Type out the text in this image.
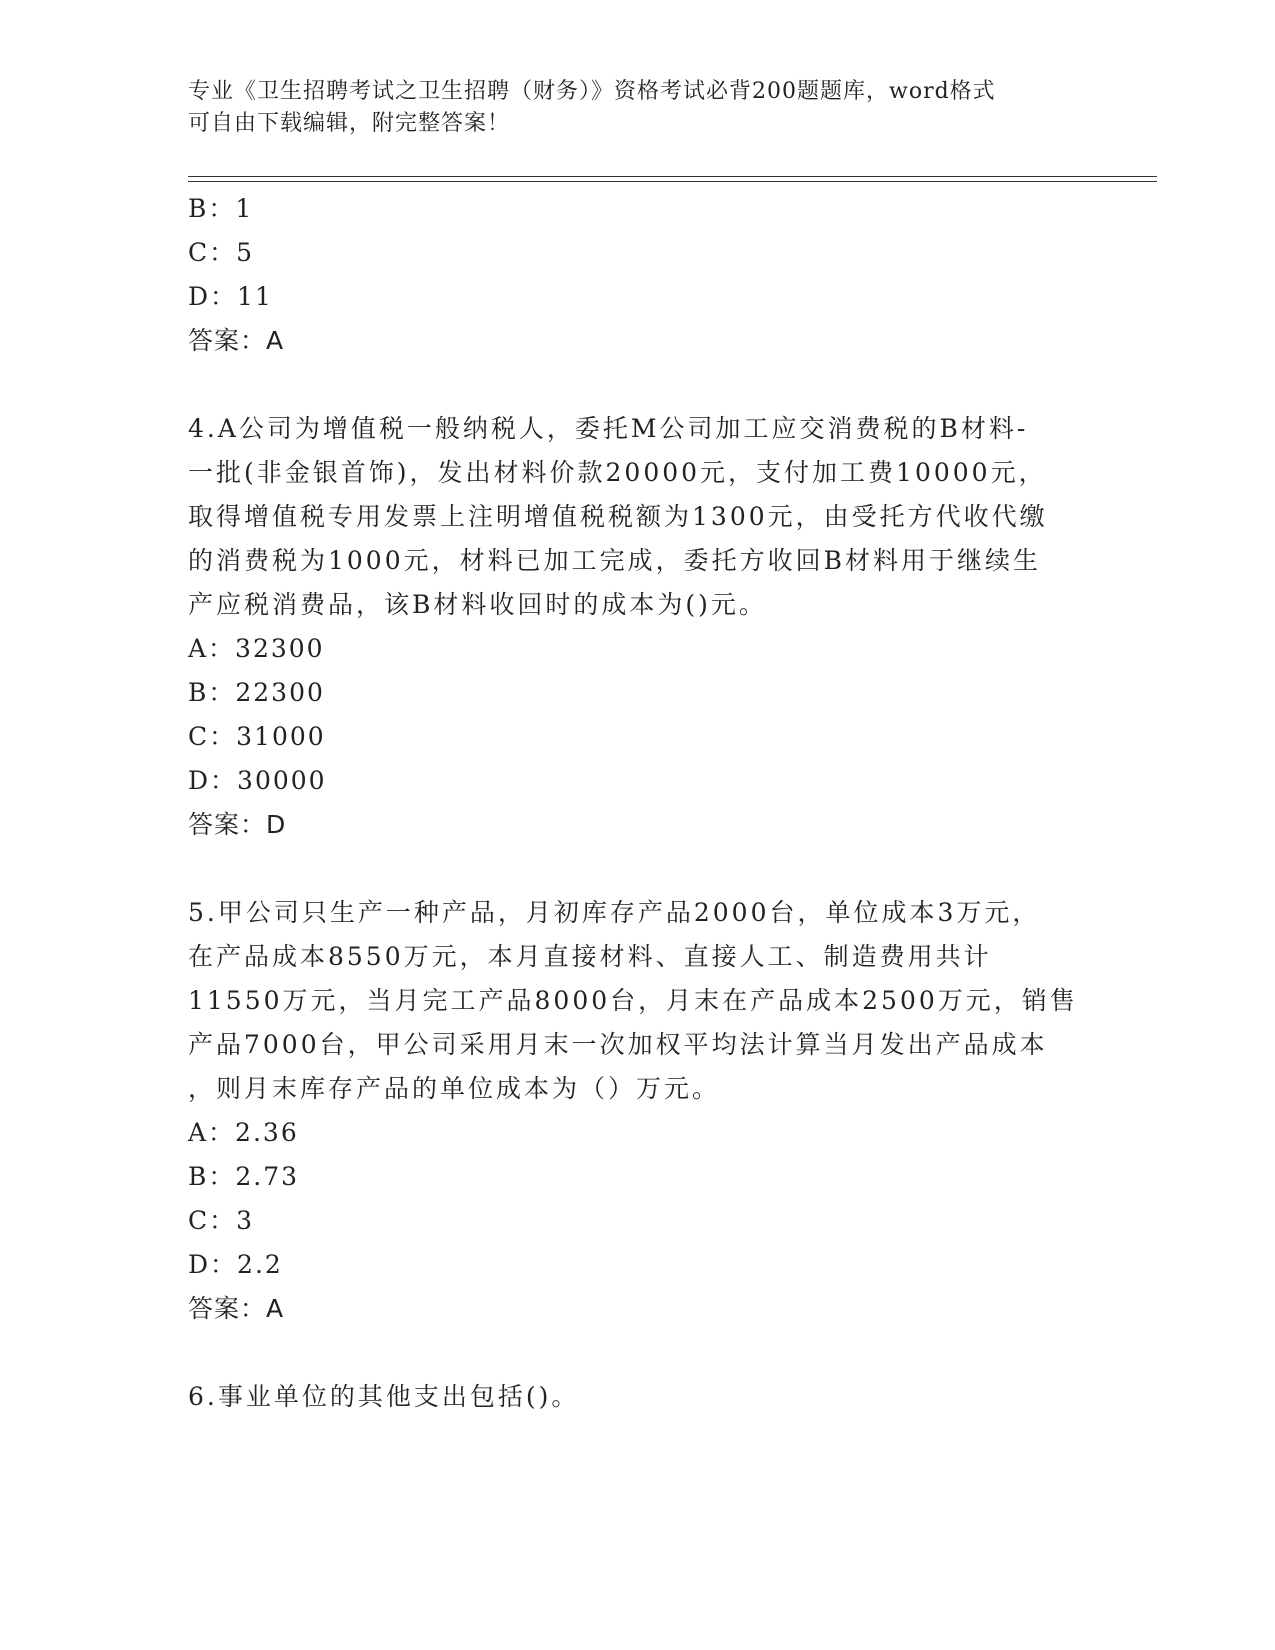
专业《卫生招聘考试之卫生招聘（财务）》资格考试必背200题题库，word格式
可自由下载编辑，附完整答案！
B：1
C：5
D：11
答案：A
4.A公司为增值税一般纳税人，委托M公司加工应交消费税的B材料-
一批(非金银首饰)，发出材料价款20000元，支付加工费10000元，
取得增值税专用发票上注明增值税税额为1300元，由受托方代收代缴
的消费税为1000元，材料已加工完成，委托方收回B材料用于继续生
产应税消费品，该B材料收回时的成本为()元。
A：32300
B：22300
C：31000
D：30000
答案：D
5.甲公司只生产一种产品，月初库存产品2000台，单位成本3万元，
在产品成本8550万元，本月直接材料、直接人工、制造费用共计
11550万元，当月完工产品8000台，月末在产品成本2500万元，销售
产品7000台，甲公司采用月末一次加权平均法计算当月发出产品成本
，则月末库存产品的单位成本为（）万元。
A：2.36
B：2.73
C：3
D：2.2
答案：A
6.事业单位的其他支出包括()。
